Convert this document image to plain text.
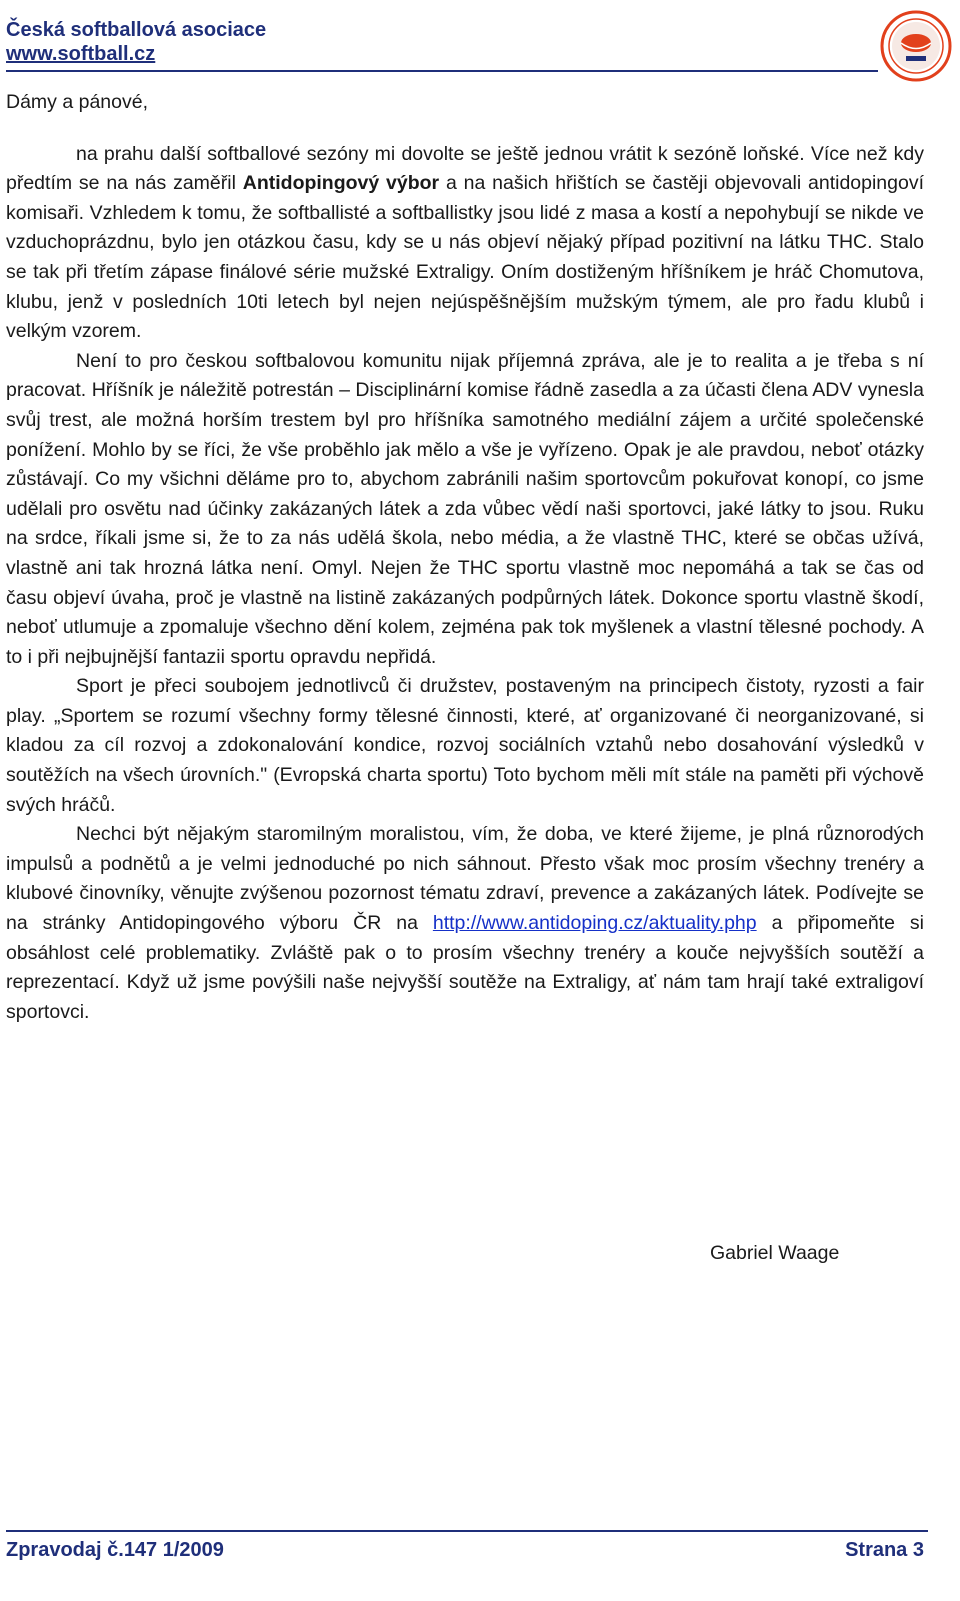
Česká softballová asociace
www.softball.cz

Dámy a pánové,

na prahu další softballové sezóny mi dovolte se ještě jednou vrátit k sezóně loňské. Více než kdy předtím se na nás zaměřil Antidopingový výbor a na našich hřištích se častěji objevovali antidopingoví komisaři. Vzhledem k tomu, že softballisté a softballistky jsou lidé z masa a kostí a nepohybují se nikde ve vzduchoprázdnu, bylo jen otázkou času, kdy se u nás objeví nějaký případ pozitivní na látku THC. Stalo se tak při třetím zápase finálové série mužské Extraligy. Oním dostiženým hříšníkem je hráč Chomutova, klubu, jenž v posledních 10ti letech byl nejen nejúspěšnějším mužským týmem, ale pro řadu klubů i velkým vzorem.

Není to pro českou softbalovou komunitu nijak příjemná zpráva, ale je to realita a je třeba s ní pracovat. Hříšník je náležitě potrestán – Disciplinární komise řádně zasedla a za účasti člena ADV vynesla svůj trest, ale možná horším trestem byl pro hříšníka samotného mediální zájem a určité společenské ponížení. Mohlo by se říci, že vše proběhlo jak mělo a vše je vyřízeno. Opak je ale pravdou, neboť otázky zůstávají. Co my všichni děláme pro to, abychom zabránili našim sportovcům pokuřovat konopí, co jsme udělali pro osvětu nad účinky zakázaných látek a zda vůbec vědí naši sportovci, jaké látky to jsou. Ruku na srdce, říkali jsme si, že to za nás udělá škola, nebo média, a že vlastně THC, které se občas užívá, vlastně ani tak hrozná látka není. Omyl. Nejen že THC sportu vlastně moc nepomáhá a tak se čas od času objeví úvaha, proč je vlastně na listině zakázaných podpůrných látek. Dokonce sportu vlastně škodí, neboť utlumuje a zpomaluje všechno dění kolem, zejména pak tok myšlenek a vlastní tělesné pochody. A to i při nejbujnější fantazii sportu opravdu nepřidá.

Sport je přeci soubojem jednotlivců či družstev, postaveným na principech čistoty, ryzosti a fair play. „Sportem se rozumí všechny formy tělesné činnosti, které, ať organizované či neorganizované, si kladou za cíl rozvoj a zdokonalování kondice, rozvoj sociálních vztahů nebo dosahování výsledků v soutěžích na všech úrovních." (Evropská charta sportu) Toto bychom měli mít stále na paměti při výchově svých hráčů.

Nechci být nějakým staromilným moralistou, vím, že doba, ve které žijeme, je plná různorodých impulsů a podnětů a je velmi jednoduché po nich sáhnout. Přesto však moc prosím všechny trenéry a klubové činovníky, věnujte zvýšenou pozornost tématu zdraví, prevence a zakázaných látek. Podívejte se na stránky Antidopingového výboru ČR na http://www.antidoping.cz/aktuality.php a připomeňte si obsáhlost celé problematiky. Zvláště pak o to prosím všechny trenéry a kouče nejvyšších soutěží a reprezentací. Když už jsme povýšili naše nejvyšší soutěže na Extraligy, ať nám tam hrají také extraligoví sportovci.

Gabriel Waage
Zpravodaj č.147 1/2009	Strana 3
